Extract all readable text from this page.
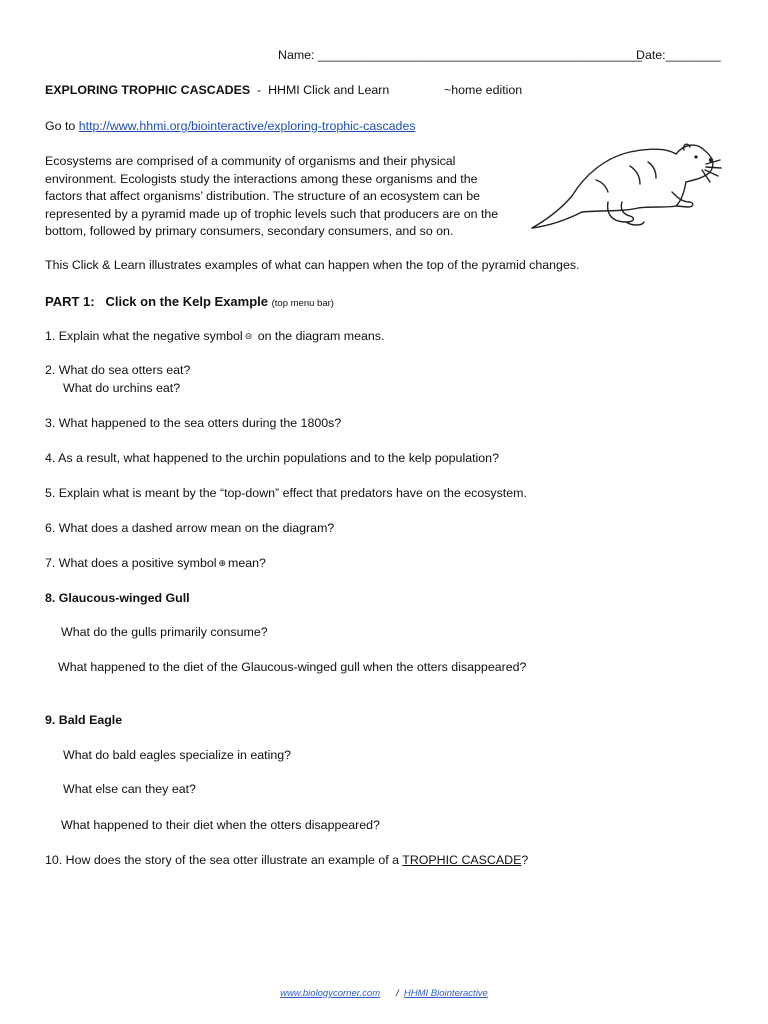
Name: _______________________________________________
Date:________
EXPLORING TROPHIC CASCADES - HHMI Click and Learn	~home edition
Go to http://www.hhmi.org/biointeractive/exploring-trophic-cascades
Ecosystems are comprised of a community of organisms and their physical
environment. Ecologists study the interactions among these organisms and the
factors that affect organisms’ distribution. The structure of an ecosystem can be
represented by a pyramid made up of trophic levels such that producers are on the
bottom, followed by primary consumers, secondary consumers, and so on.
This Click & Learn illustrates examples of what can happen when the top of the pyramid changes.
PART 1: Click on the Kelp Example (top menu bar)
1. Explain what the negative symbol ⊝ on the diagram means.
2. What do sea otters eat?
What do urchins eat?
3. What happened to the sea otters during the 1800s?
4. As a result, what happened to the urchin populations and to the kelp population?
5. Explain what is meant by the “top-down” effect that predators have on the ecosystem.
6. What does a dashed arrow mean on the diagram?
7. What does a positive symbol ⊕ mean?
8. Glaucous-winged Gull
What do the gulls primarily consume?
What happened to the diet of the Glaucous-winged gull when the otters disappeared?
9. Bald Eagle
What do bald eagles specialize in eating?
What else can they eat?
What happened to their diet when the otters disappeared?
10. How does the story of the sea otter illustrate an example of a TROPHIC CASCADE?
www.biologycorner.com / HHMI Biointeractive
